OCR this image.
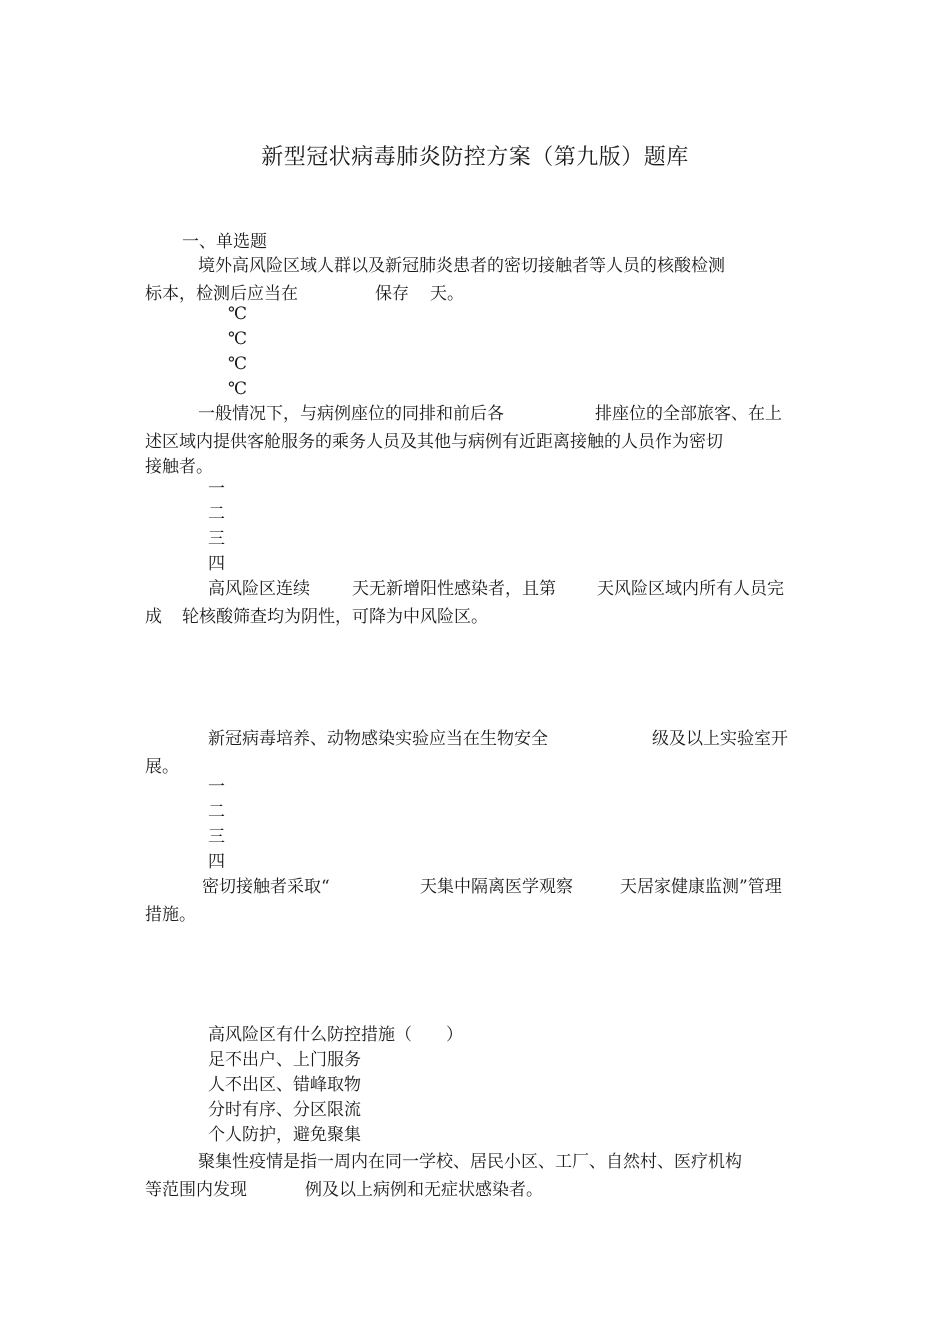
新型冠状病毒肺炎防控方案（第九版）题库
一、单选题
境外高风险区域人群以及新冠肺炎患者的密切接触者等人员的核酸检测
标本，检测后应当在	保存 天。
℃
℃
℃
℃
一般情况下，与病例座位的同排和前后各	排座位的全部旅客、在上
述区域内提供客舱服务的乘务人员及其他与病例有近距离接触的人员作为密切
接触者。
一
二
三
四
高风险区连续 天无新增阳性感染者，且第 天风险区域内所有人员完
成 轮核酸筛查均为阴性，可降为中风险区。
新冠病毒培养、动物感染实验应当在生物安全	级及以上实验室开
展。
一
二
三
四
密切接触者采取“	天集中隔离医学观察	天居家健康监测”管理
措施。
高风险区有什么防控措施（　　）
足不出户、上门服务
人不出区、错峰取物
分时有序、分区限流
个人防护，避免聚集
聚集性疫情是指一周内在同一学校、居民小区、工厂、自然村、医疗机构
等范围内发现	例及以上病例和无症状感染者。
